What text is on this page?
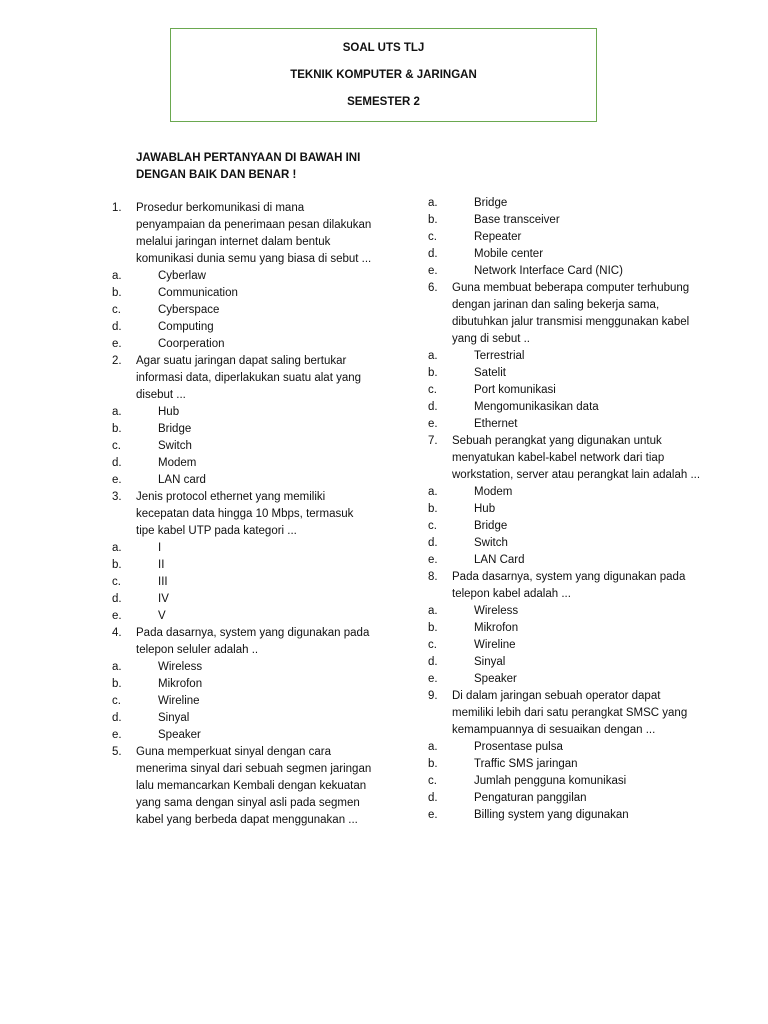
SOAL UTS TLJ
TEKNIK KOMPUTER & JARINGAN
SEMESTER 2
JAWABLAH PERTANYAAN DI BAWAH INI DENGAN BAIK DAN BENAR !
1.	Prosedur berkomunikasi di mana penyampaian da penerimaan pesan dilakukan melalui jaringan internet dalam bentuk komunikasi dunia semu yang biasa di sebut ...
a.	Cyberlaw
b.	Communication
c.	Cyberspace
d.	Computing
e.	Coorperation
2.	Agar suatu jaringan dapat saling bertukar informasi data, diperlakukan suatu alat yang disebut ...
a.	Hub
b.	Bridge
c.	Switch
d.	Modem
e.	LAN card
3.	Jenis protocol ethernet yang memiliki kecepatan data hingga 10 Mbps, termasuk tipe kabel UTP pada kategori ...
a.	I
b.	II
c.	III
d.	IV
e.	V
4.	Pada dasarnya, system yang digunakan pada telepon seluler adalah ..
a.	Wireless
b.	Mikrofon
c.	Wireline
d.	Sinyal
e.	Speaker
5.	Guna memperkuat sinyal dengan cara menerima sinyal dari sebuah segmen jaringan lalu memancarkan Kembali dengan kekuatan yang sama dengan sinyal asli pada segmen kabel yang berbeda dapat menggunakan ...
a.	Bridge
b.	Base transceiver
c.	Repeater
d.	Mobile center
e.	Network Interface Card (NIC)
6.	Guna membuat beberapa computer terhubung dengan jarinan dan saling bekerja sama, dibutuhkan jalur transmisi menggunakan kabel yang di sebut ..
a.	Terrestrial
b.	Satelit
c.	Port komunikasi
d.	Mengomunikasikan data
e.	Ethernet
7.	Sebuah perangkat yang digunakan untuk menyatukan kabel-kabel network dari tiap workstation, server atau perangkat lain adalah ...
a.	Modem
b.	Hub
c.	Bridge
d.	Switch
e.	LAN Card
8.	Pada dasarnya, system yang digunakan pada telepon kabel adalah ...
a.	Wireless
b.	Mikrofon
c.	Wireline
d.	Sinyal
e.	Speaker
9.	Di dalam jaringan sebuah operator dapat memiliki lebih dari satu perangkat SMSC yang kemampuannya di sesuaikan dengan ...
a.	Prosentase pulsa
b.	Traffic SMS jaringan
c.	Jumlah pengguna komunikasi
d.	Pengaturan panggilan
e.	Billing system yang digunakan
